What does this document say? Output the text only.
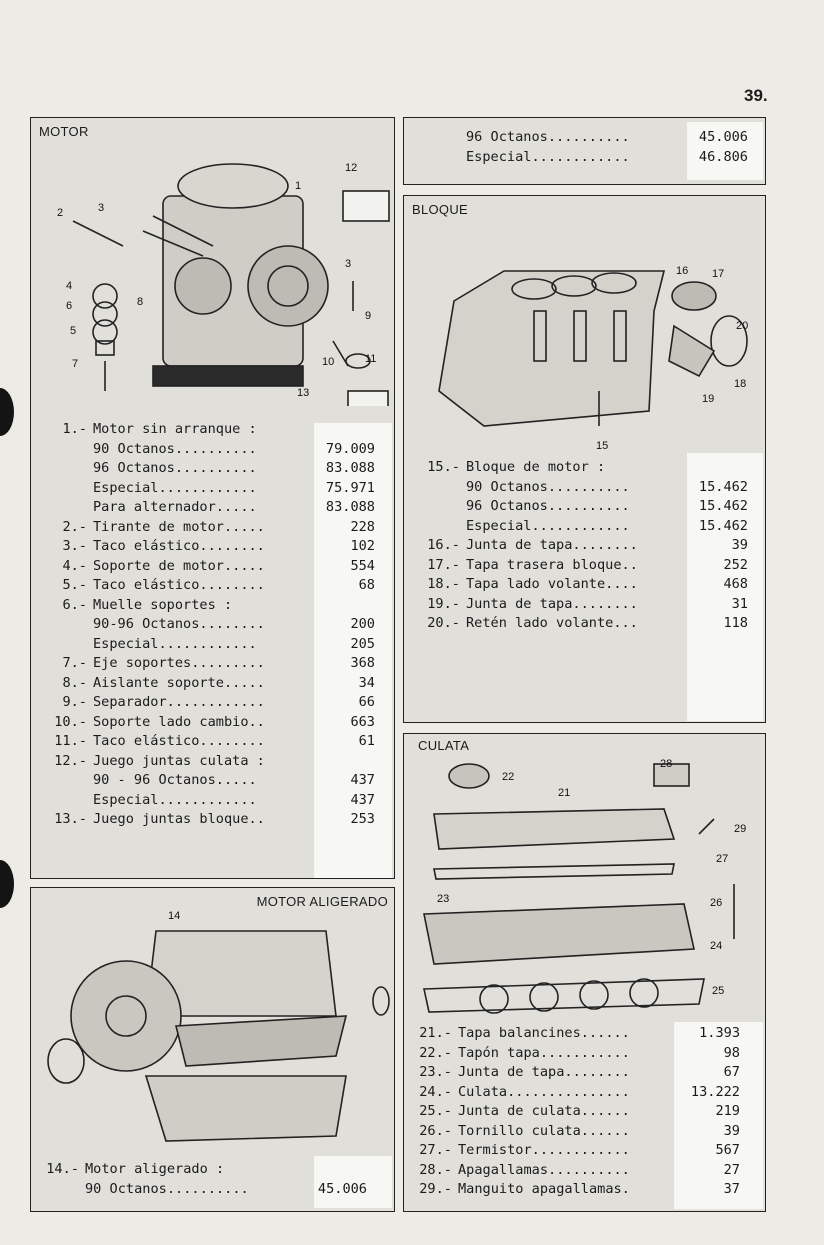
39.
MOTOR
1.- Motor sin arranque :
90 Octanos..........	79.009
96 Octanos..........	83.088
Especial............	75.971
Para alternador.....	83.088
2.- Tirante de motor.....	228
3.- Taco elástico........	102
4.- Soporte de motor.....	554
5.- Taco elástico........	68
6.- Muelle soportes :
90-96 Octanos........	200
Especial............	205
7.- Eje soportes.........	368
8.- Aislante soporte.....	34
9.- Separador............	66
10.- Soporte lado cambio..	663
11.- Taco elástico........	61
12.- Juego juntas culata :
90 - 96 Octanos.....	437
Especial............	437
13.- Juego juntas bloque..	253
96 Octanos..........	45.006
Especial............	46.806
BLOQUE
15.- Bloque de motor :
90 Octanos..........	15.462
96 Octanos..........	15.462
Especial............	15.462
16.- Junta de tapa........	39
17.- Tapa trasera bloque..	252
18.- Tapa lado volante....	468
19.- Junta de tapa........	31
20.- Retén lado volante...	118
MOTOR ALIGERADO
14.- Motor aligerado :
90 Octanos..........	45.006
CULATA
21.- Tapa balancines......	1.393
22.- Tapón tapa...........	98
23.- Junta de tapa........	67
24.- Culata...............	13.222
25.- Junta de culata......	219
26.- Tornillo culata......	39
27.- Termistor............	567
28.- Apagallamas..........	27
29.- Manguito apagallamas.	37
1
2	3
4
5
6
7
8
3
9
10	11
12
13
15
16 17
18
19
20
14
21
22
23
24
25
26
27
28
29
